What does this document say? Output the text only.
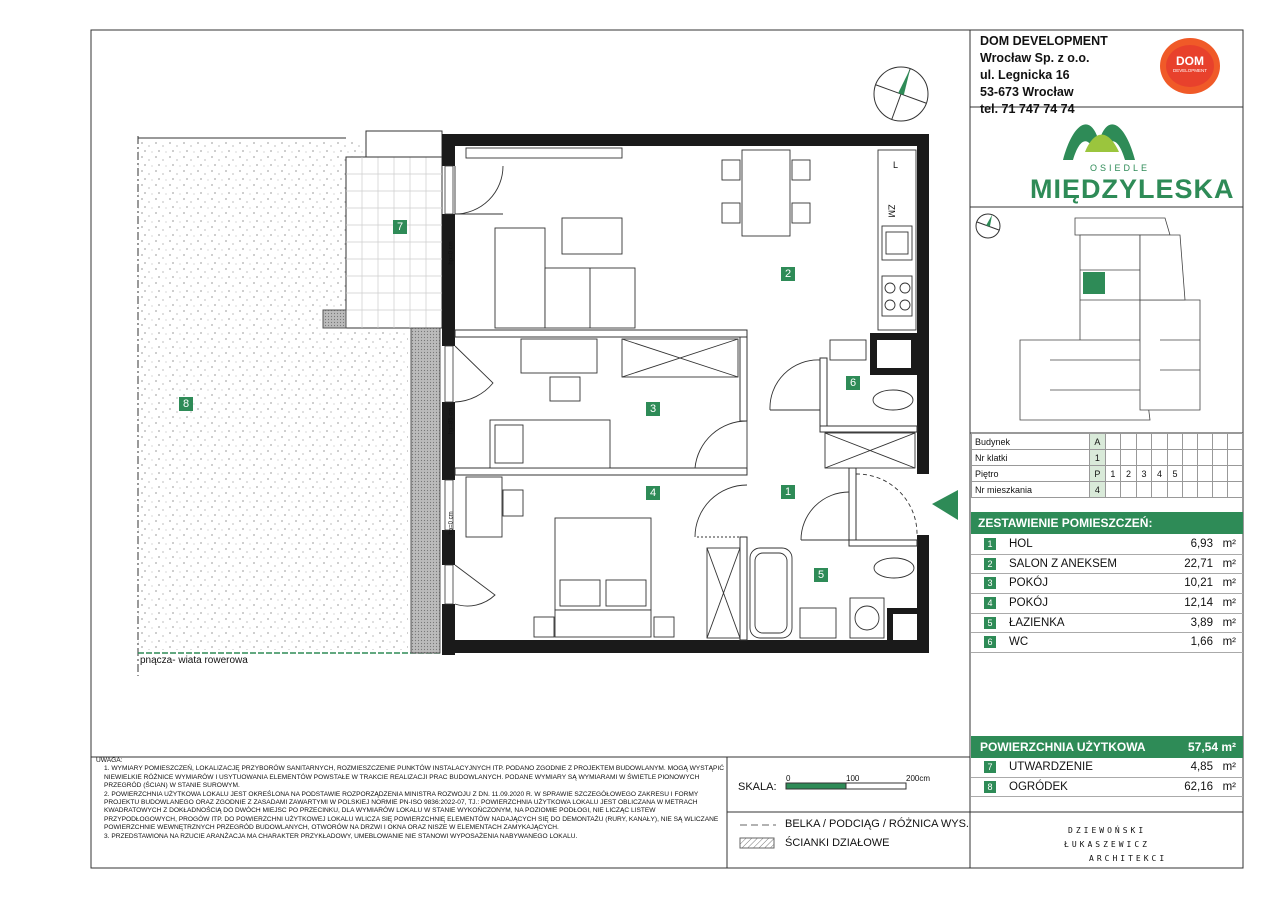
1
2
3
4
5
6
7
8
L
ZM
hp=0 cm
hp=85 cm
hp=0 cm
pnącza- wiata rowerowa
DOM DEVELOPMENT
Wrocław Sp. z o.o.
ul. Legnicka 16
53-673 Wrocław
tel. 71 747 74 74
DOM
DEVELOPMENT
OSIEDLE
MIĘDZYLESKA
Budynek	A									
Nr klatki	1									
Piętro	P	1	2	3	4	5				
Nr mieszkania	4									
ZESTAWIENIE POMIESZCZEŃ:
1	HOL	6,93 m²
2	SALON Z ANEKSEM	22,71 m²
3	POKÓJ	10,21 m²
4	POKÓJ	12,14 m²
5	ŁAZIENKA	3,89 m²
6	WC	1,66 m²
POWIERZCHNIA UŻYTKOWA	57,54 m²
7	UTWARDZENIE	4,85 m²
8	OGRÓDEK	62,16 m²
UWAGA:
1. WYMIARY POMIESZCZEŃ, LOKALIZACJĘ PRZYBORÓW SANITARNYCH, ROZMIESZCZENIE PUNKTÓW INSTALACYJNYCH ITP. PODANO ZGODNIE Z PROJEKTEM BUDOWLANYM. MOGĄ WYSTĄPIĆ NIEWIELKIE RÓŻNICE WYMIARÓW I USYTUOWANIA ELEMENTÓW POWSTAŁE W TRAKCIE REALIZACJI PRAC BUDOWLANYCH. PODANE WYMIARY SĄ WYMIARAMI W ŚWIETLE PIONOWYCH PRZEGRÓD (ŚCIAN) W STANIE SUROWYM.
2. POWIERZCHNIA UŻYTKOWA LOKALU JEST OKREŚLONA NA PODSTAWIE ROZPORZĄDZENIA MINISTRA ROZWOJU Z DN. 11.09.2020 R. W SPRAWIE SZCZEGÓŁOWEGO ZAKRESU I FORMY PROJEKTU BUDOWLANEGO ORAZ ZGODNIE Z ZASADAMI ZAWARTYMI W POLSKIEJ NORMIE PN-ISO 9836:2022-07, TJ.: POWIERZCHNIA UŻYTKOWA LOKALU JEST OBLICZANA W METRACH KWADRATOWYCH Z DOKŁADNOŚCIĄ DO DWÓCH MIEJSC PO PRZECINKU, DLA WYMIARÓW LOKALU W STANIE WYKOŃCZONYM, NA POZIOMIE PODŁOGI, NIE LICZĄC LISTEW PRZYPODŁOGOWYCH, PROGÓW ITP. DO POWIERZCHNI UŻYTKOWEJ LOKALU WLICZA SIĘ POWIERZCHNIĘ ELEMENTÓW NADAJĄCYCH SIĘ DO DEMONTAŻU (RURY, KANAŁY), NIE SĄ WLICZANE POWIERZCHNIE WEWNĘTRZNYCH PRZEGRÓD BUDOWLANYCH, OTWORÓW NA DRZWI I OKNA ORAZ NISZE W ELEMENTACH ZAMYKAJĄCYCH.
3. PRZEDSTAWIONA NA RZUCIE ARANŻACJA MA CHARAKTER PRZYKŁADOWY, UMEBLOWANIE NIE STANOWI WYPOSAŻENIA NABYWANEGO LOKALU.
SKALA:
0	100	200cm
BELKA / PODCIĄG / RÓŻNICA WYS.
ŚCIANKI DZIAŁOWE
DZIEWOŃSKI
ŁUKASZEWICZ
ARCHITEKCI
